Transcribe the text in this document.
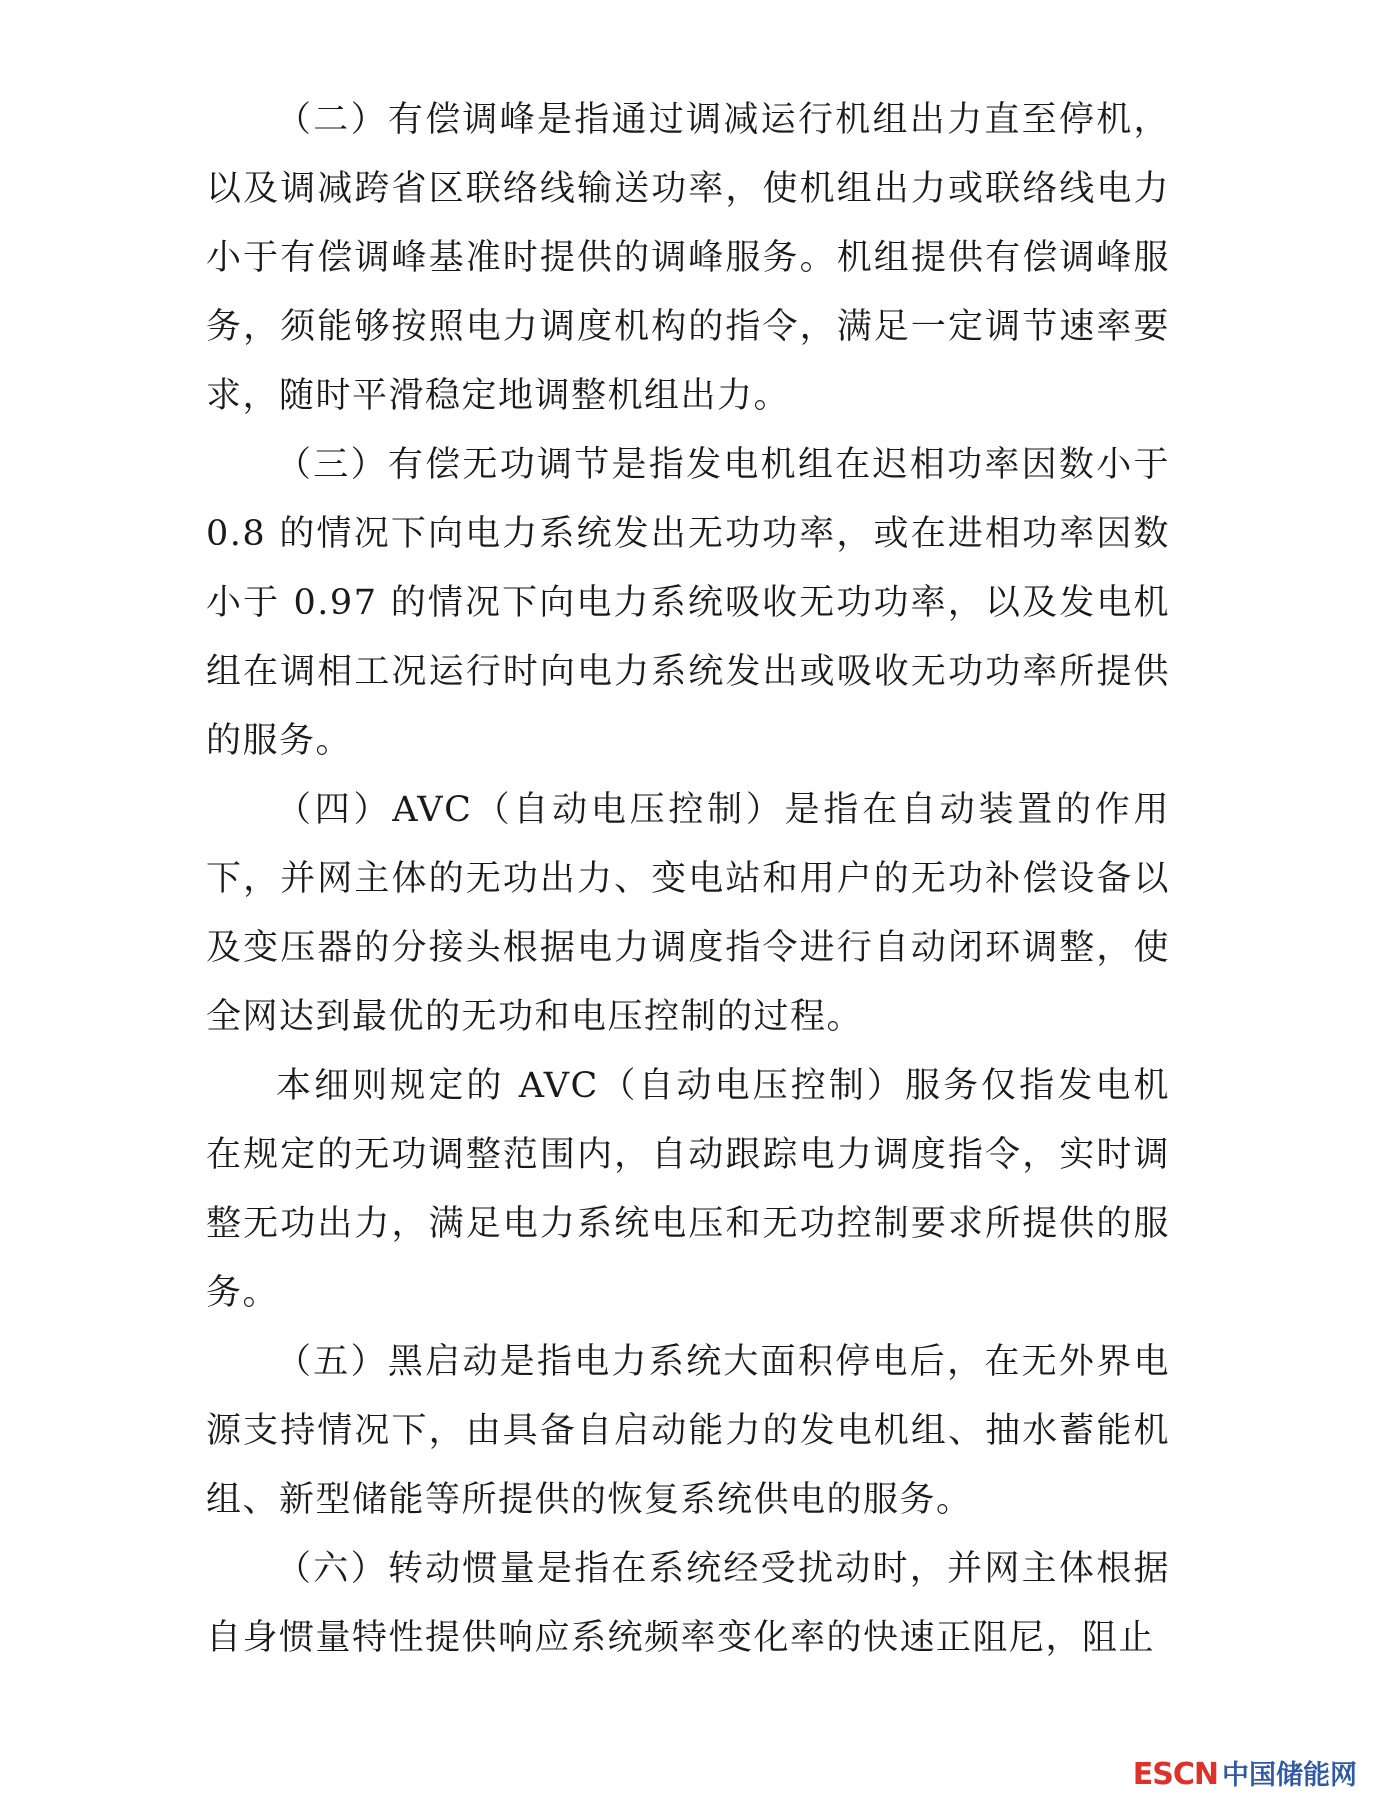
（二）有偿调峰是指通过调减运行机组出力直至停机，以及调减跨省区联络线输送功率，使机组出力或联络线电力小于有偿调峰基准时提供的调峰服务。机组提供有偿调峰服务，须能够按照电力调度机构的指令，满足一定调节速率要求，随时平滑稳定地调整机组出力。

（三）有偿无功调节是指发电机组在迟相功率因数小于 0.8 的情况下向电力系统发出无功功率，或在进相功率因数小于 0.97 的情况下向电力系统吸收无功功率，以及发电机组在调相工况运行时向电力系统发出或吸收无功功率所提供的服务。

（四）AVC（自动电压控制）是指在自动装置的作用下，并网主体的无功出力、变电站和用户的无功补偿设备以及变压器的分接头根据电力调度指令进行自动闭环调整，使全网达到最优的无功和电压控制的过程。

本细则规定的 AVC（自动电压控制）服务仅指发电机在规定的无功调整范围内，自动跟踪电力调度指令，实时调整无功出力，满足电力系统电压和无功控制要求所提供的服务。

（五）黑启动是指电力系统大面积停电后，在无外界电源支持情况下，由具备自启动能力的发电机组、抽水蓄能机组、新型储能等所提供的恢复系统供电的服务。

（六）转动惯量是指在系统经受扰动时，并网主体根据自身惯量特性提供响应系统频率变化率的快速正阻尼，阻止

ESCN 中国储能网
